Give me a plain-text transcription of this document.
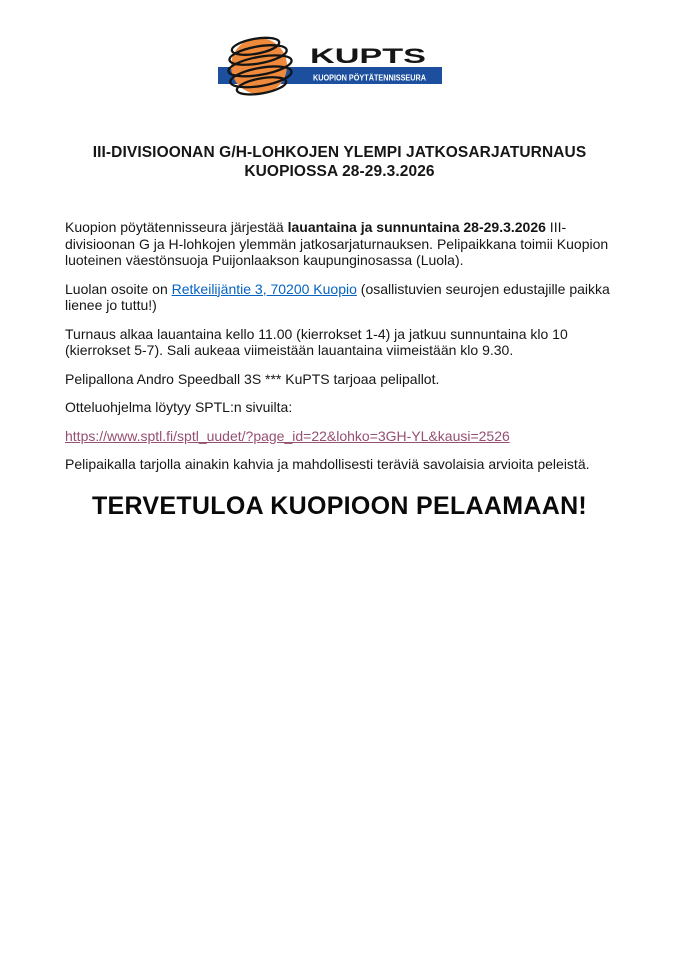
KUPTS
KUOPION PÖYTÄTENNISSEURA
III-DIVISIOONAN G/H-LOHKOJEN YLEMPI JATKOSARJATURNAUS
KUOPIOSSA 28-29.3.2026

Kuopion pöytätennisseura järjestää lauantaina ja sunnuntaina 28-29.3.2026 III-divisioonan G ja H-lohkojen ylemmän jatkosarjaturnauksen. Pelipaikkana toimii Kuopion luoteinen väestönsuoja Puijonlaakson kaupunginosassa (Luola).

Luolan osoite on Retkeilijäntie 3, 70200 Kuopio (osallistuvien seurojen edustajille paikka lienee jo tuttu!)

Turnaus alkaa lauantaina kello 11.00 (kierrokset 1-4) ja jatkuu sunnuntaina klo 10 (kierrokset 5-7). Sali aukeaa viimeistään lauantaina viimeistään klo 9.30.

Pelipallona Andro Speedball 3S *** KuPTS tarjoaa pelipallot.

Otteluohjelma löytyy SPTL:n sivuilta:

https://www.sptl.fi/sptl_uudet/?page_id=22&lohko=3GH-YL&kausi=2526

Pelipaikalla tarjolla ainakin kahvia ja mahdollisesti teräviä savolaisia arvioita peleistä.

TERVETULOA KUOPIOON PELAAMAAN!
